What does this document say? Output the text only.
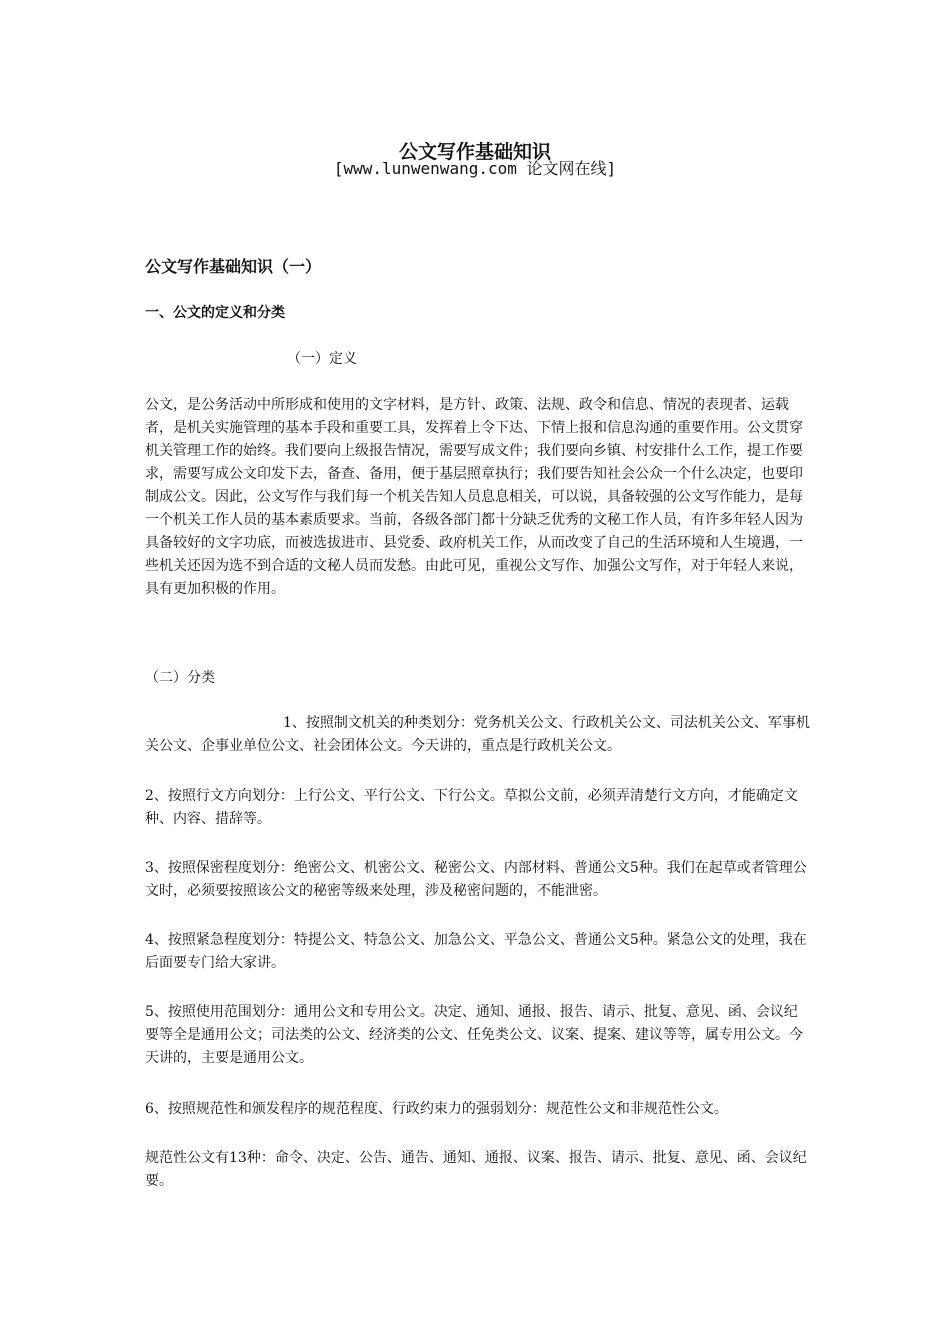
公文写作基础知识
[www.lunwenwang.com 论文网在线]
公文写作基础知识（一）
一、公文的定义和分类
（一）定义

公文，是公务活动中所形成和使用的文字材料，是方针、政策、法规、政令和信息、情况的表现者、运载者，是机关实施管理的基本手段和重要工具，发挥着上令下达、下情上报和信息沟通的重要作用。公文贯穿机关管理工作的始终。我们要向上级报告情况，需要写成文件；我们要向乡镇、村安排什么工作，提工作要求，需要写成公文印发下去，备查、备用，便于基层照章执行；我们要告知社会公众一个什么决定，也要印制成公文。因此，公文写作与我们每一个机关告知人员息息相关，可以说，具备较强的公文写作能力，是每一个机关工作人员的基本素质要求。当前，各级各部门都十分缺乏优秀的文秘工作人员，有许多年轻人因为具备较好的文字功底，而被选拔进市、县党委、政府机关工作，从而改变了自己的生活环境和人生境遇，一些机关还因为选不到合适的文秘人员而发愁。由此可见，重视公文写作、加强公文写作，对于年轻人来说，具有更加积极的作用。

（二）分类

1、按照制文机关的种类划分：党务机关公文、行政机关公文、司法机关公文、军事机关公文、企事业单位公文、社会团体公文。今天讲的，重点是行政机关公文。

2、按照行文方向划分：上行公文、平行公文、下行公文。草拟公文前，必须弄清楚行文方向，才能确定文种、内容、措辞等。

3、按照保密程度划分：绝密公文、机密公文、秘密公文、内部材料、普通公文5种。我们在起草或者管理公文时，必须要按照该公文的秘密等级来处理，涉及秘密问题的，不能泄密。

4、按照紧急程度划分：特提公文、特急公文、加急公文、平急公文、普通公文5种。紧急公文的处理，我在后面要专门给大家讲。

5、按照使用范围划分：通用公文和专用公文。决定、通知、通报、报告、请示、批复、意见、函、会议纪要等全是通用公文；司法类的公文、经济类的公文、任免类公文、议案、提案、建议等等，属专用公文。今天讲的，主要是通用公文。

6、按照规范性和颁发程序的规范程度、行政约束力的强弱划分：规范性公文和非规范性公文。

规范性公文有13种：命令、决定、公告、通告、通知、通报、议案、报告、请示、批复、意见、函、会议纪要。
